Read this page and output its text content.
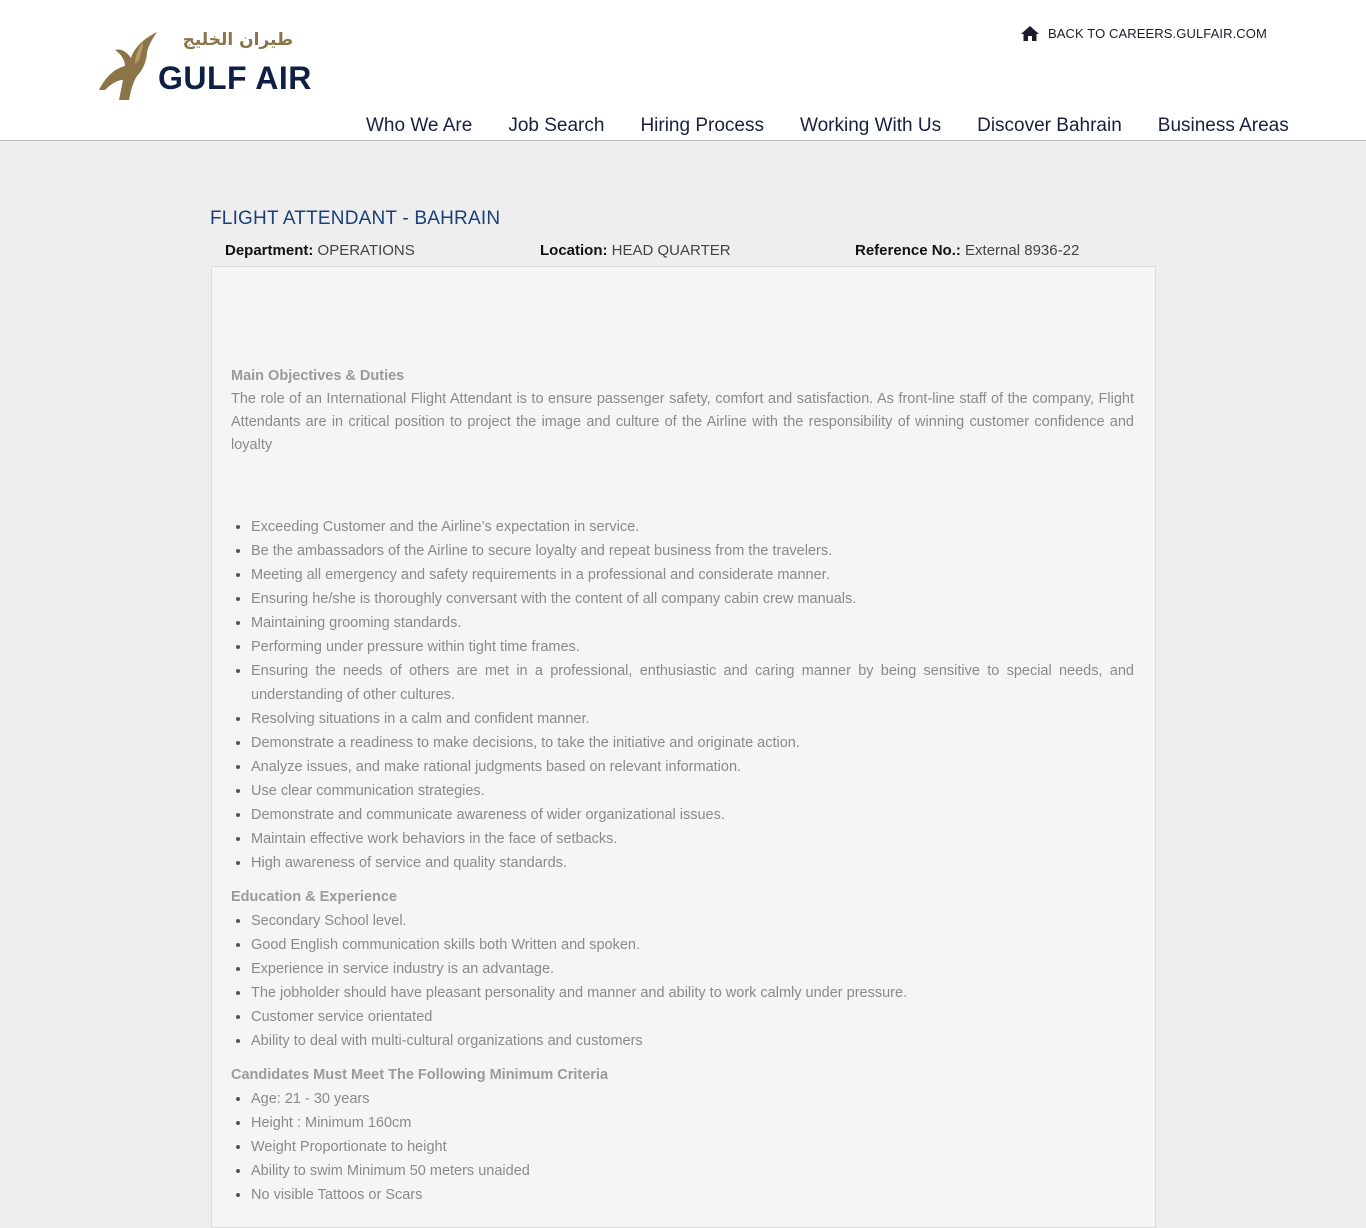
طيران الخليج
GULF AIR
BACK TO CAREERS.GULFAIR.COM
Who We Are Job Search Hiring Process Working With Us Discover Bahrain Business Areas
FLIGHT ATTENDANT - BAHRAIN
Department: OPERATIONS	Location: HEAD QUARTER	Reference No.: External 8936-22
Main Objectives & Duties

The role of an International Flight Attendant is to ensure passenger safety, comfort and satisfaction. As front-line staff of the company, Flight Attendants are in critical position to project the image and culture of the Airline with the responsibility of winning customer confidence and loyalty

• Exceeding Customer and the Airline’s expectation in service.
• Be the ambassadors of the Airline to secure loyalty and repeat business from the travelers.
• Meeting all emergency and safety requirements in a professional and considerate manner.
• Ensuring he/she is thoroughly conversant with the content of all company cabin crew manuals.
• Maintaining grooming standards.
• Performing under pressure within tight time frames.
• Ensuring the needs of others are met in a professional, enthusiastic and caring manner by being sensitive to special needs, and understanding of other cultures.
• Resolving situations in a calm and confident manner.
• Demonstrate a readiness to make decisions, to take the initiative and originate action.
• Analyze issues, and make rational judgments based on relevant information.
• Use clear communication strategies.
• Demonstrate and communicate awareness of wider organizational issues.
• Maintain effective work behaviors in the face of setbacks.
• High awareness of service and quality standards.
Education & Experience
• Secondary School level.
• Good English communication skills both Written and spoken.
• Experience in service industry is an advantage.
• The jobholder should have pleasant personality and manner and ability to work calmly under pressure.
• Customer service orientated
• Ability to deal with multi-cultural organizations and customers
Candidates Must Meet The Following Minimum Criteria
• Age: 21 - 30 years
• Height : Minimum 160cm
• Weight Proportionate to height
• Ability to swim Minimum 50 meters unaided
• No visible Tattoos or Scars
